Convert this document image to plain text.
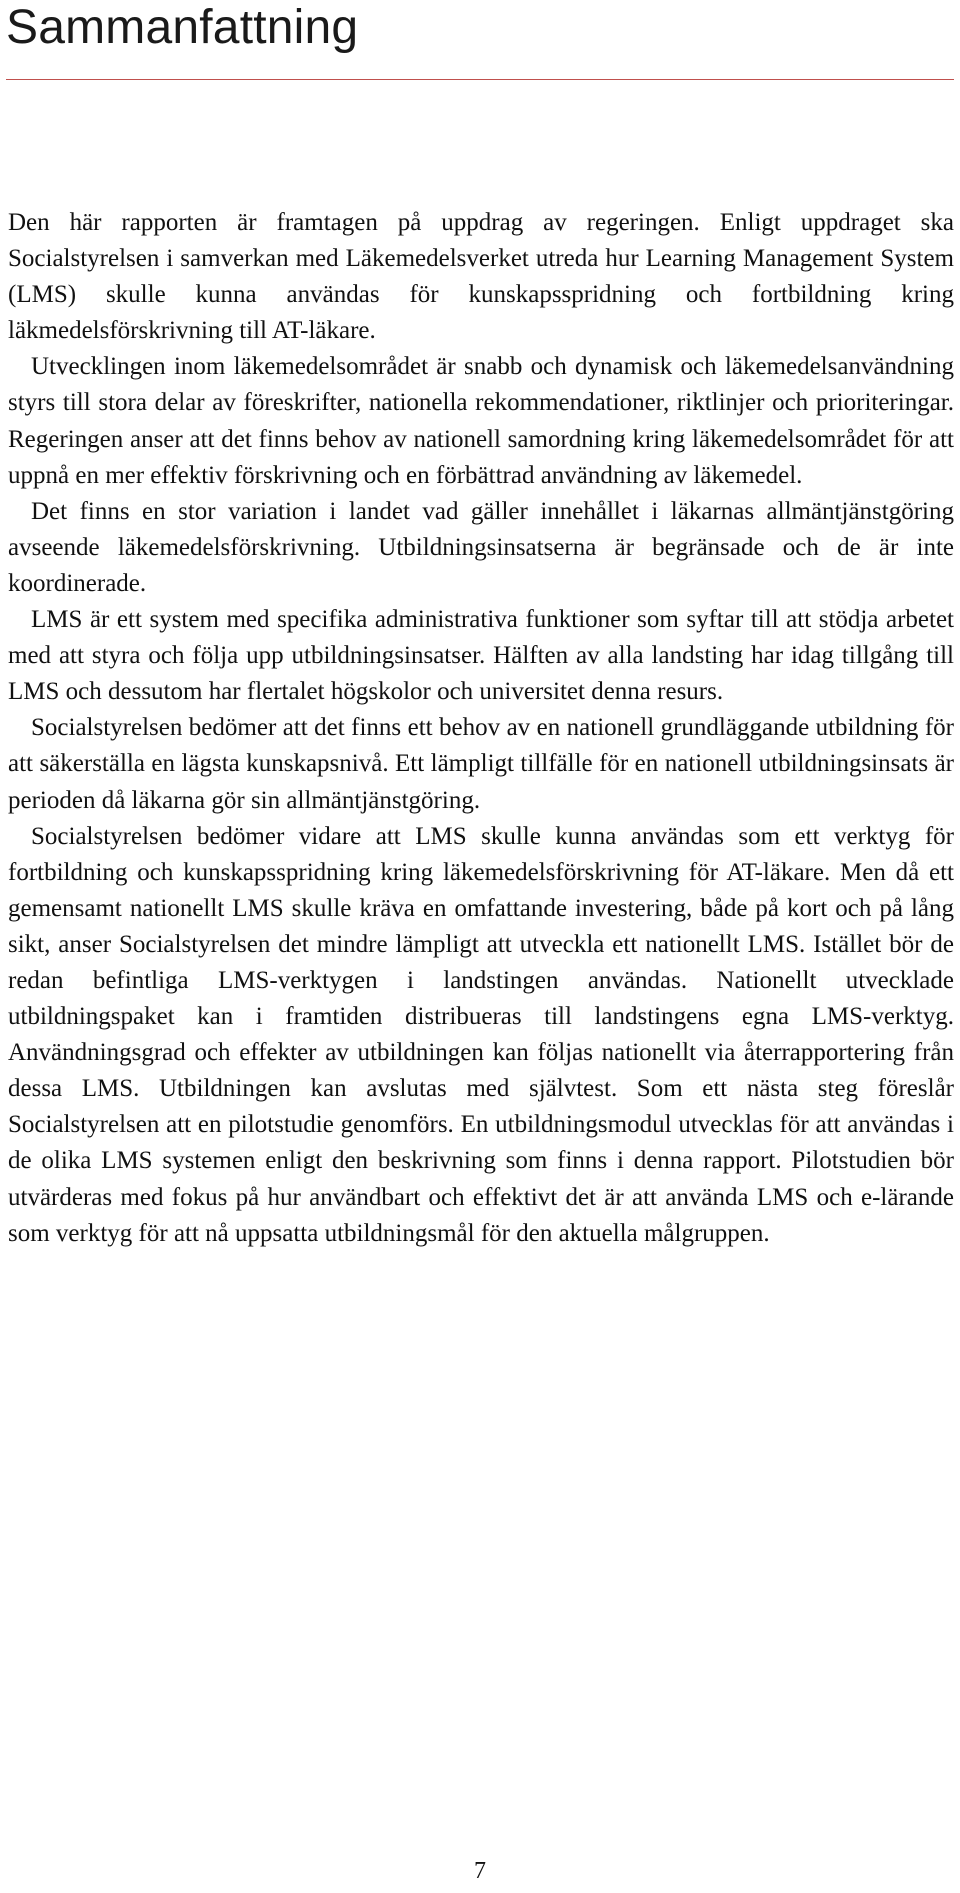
Sammanfattning

Den här rapporten är framtagen på uppdrag av regeringen. Enligt uppdraget ska Socialstyrelsen i samverkan med Läkemedelsverket utreda hur Learning Management System (LMS) skulle kunna användas för kunskapsspridning och fortbildning kring läkmedelsförskrivning till AT-läkare.

Utvecklingen inom läkemedelsområdet är snabb och dynamisk och läkemedelsanvändning styrs till stora delar av föreskrifter, nationella rekommendationer, riktlinjer och prioriteringar. Regeringen anser att det finns behov av nationell samordning kring läkemedelsområdet för att uppnå en mer effektiv förskrivning och en förbättrad användning av läkemedel.

Det finns en stor variation i landet vad gäller innehållet i läkarnas allmäntjänstgöring avseende läkemedelsförskrivning. Utbildningsinsatserna är begränsade och de är inte koordinerade.

LMS är ett system med specifika administrativa funktioner som syftar till att stödja arbetet med att styra och följa upp utbildningsinsatser. Hälften av alla landsting har idag tillgång till LMS och dessutom har flertalet högskolor och universitet denna resurs.

Socialstyrelsen bedömer att det finns ett behov av en nationell grundläggande utbildning för att säkerställa en lägsta kunskapsnivå. Ett lämpligt tillfälle för en nationell utbildningsinsats är perioden då läkarna gör sin allmäntjänstgöring.

Socialstyrelsen bedömer vidare att LMS skulle kunna användas som ett verktyg för fortbildning och kunskapsspridning kring läkemedelsförskrivning för AT-läkare. Men då ett gemensamt nationellt LMS skulle kräva en omfattande investering, både på kort och på lång sikt, anser Socialstyrelsen det mindre lämpligt att utveckla ett nationellt LMS. Istället bör de redan befintliga LMS-verktygen i landstingen användas. Nationellt utvecklade utbildningspaket kan i framtiden distribueras till landstingens egna LMS-verktyg. Användningsgrad och effekter av utbildningen kan följas nationellt via återrapportering från dessa LMS. Utbildningen kan avslutas med självtest. Som ett nästa steg föreslår Socialstyrelsen att en pilotstudie genomförs. En utbildningsmodul utvecklas för att användas i de olika LMS systemen enligt den beskrivning som finns i denna rapport. Pilotstudien bör utvärderas med fokus på hur användbart och effektivt det är att använda LMS och e-lärande som verktyg för att nå uppsatta utbildningsmål för den aktuella målgruppen.

7
